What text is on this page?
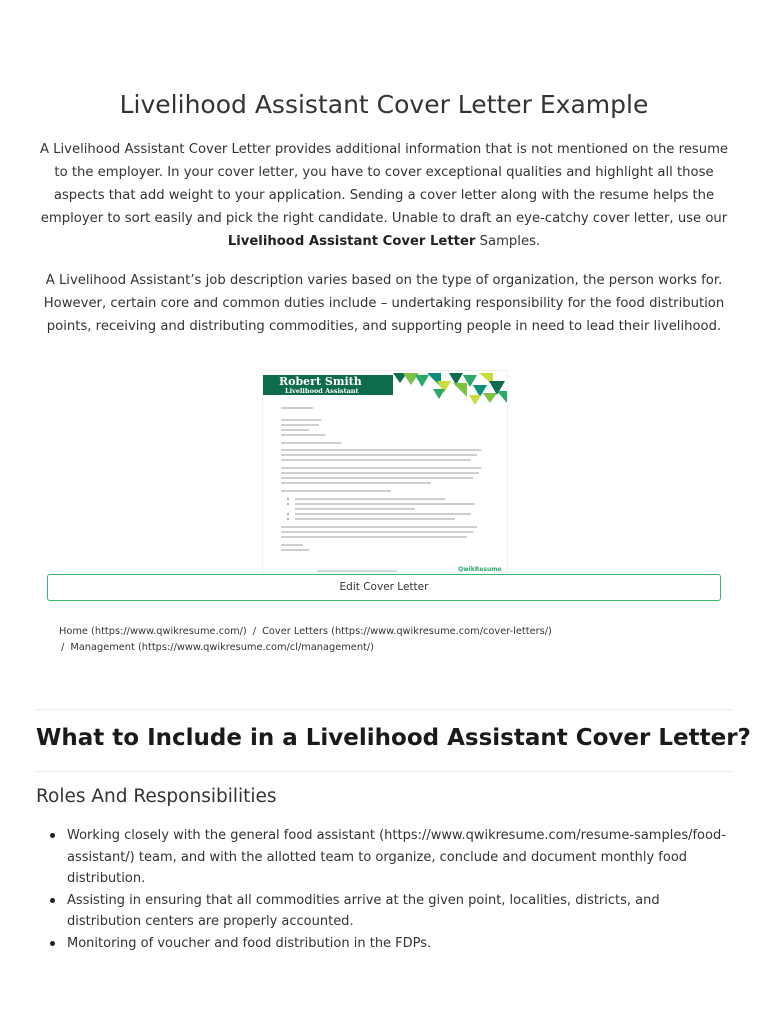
Livelihood Assistant Cover Letter Example

A Livelihood Assistant Cover Letter provides additional information that is not mentioned on the resume to the employer. In your cover letter, you have to cover exceptional qualities and highlight all those aspects that add weight to your application. Sending a cover letter along with the resume helps the employer to sort easily and pick the right candidate. Unable to draft an eye-catchy cover letter, use our Livelihood Assistant Cover Letter Samples.

A Livelihood Assistant’s job description varies based on the type of organization, the person works for. However, certain core and common duties include – undertaking responsibility for the food distribution points, receiving and distributing commodities, and supporting people in need to lead their livelihood.

Robert Smith

Livelihood Assistant

QwikResume
Edit Cover Letter
Home (https://www.qwikresume.com/) / Cover Letters (https://www.qwikresume.com/cover-letters/)
/ Management (https://www.qwikresume.com/cl/management/)
What to Include in a Livelihood Assistant Cover Letter?
Roles And Responsibilities
Working closely with the general food assistant (https://www.qwikresume.com/resume-samples/food-assistant/) team, and with the allotted team to organize, conclude and document monthly food distribution.
Assisting in ensuring that all commodities arrive at the given point, localities, districts, and distribution centers are properly accounted.
Monitoring of voucher and food distribution in the FDPs.
